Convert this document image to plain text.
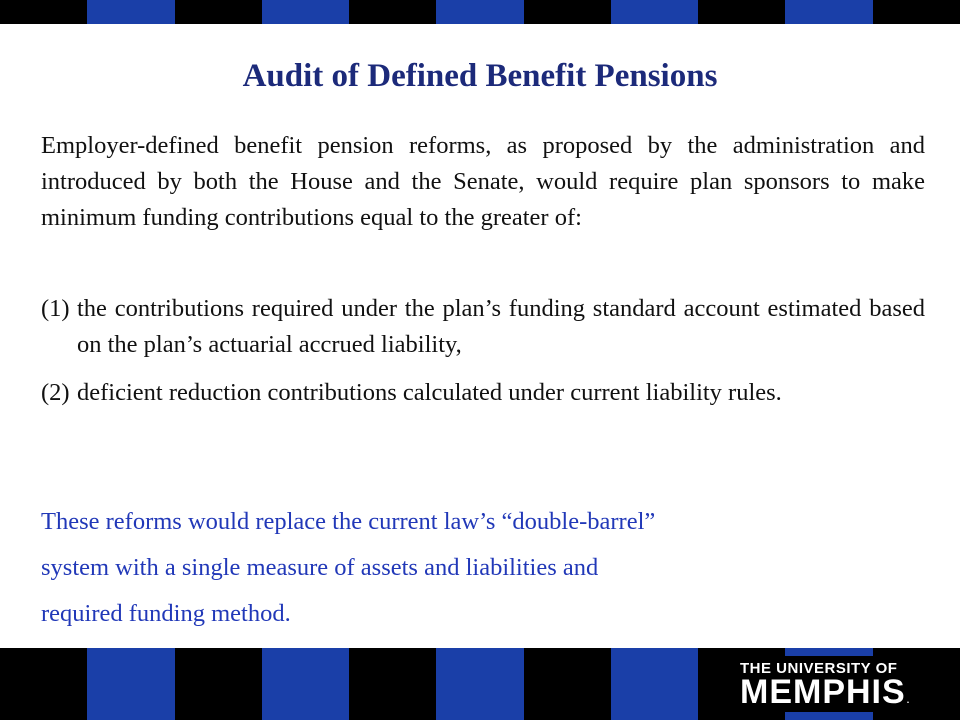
Audit of Defined Benefit Pensions

Employer-defined benefit pension reforms, as proposed by the administration and introduced by both the House and the Senate, would require plan sponsors to make minimum funding contributions equal to the greater of:

(1) the contributions required under the plan’s funding standard account estimated based on the plan’s actuarial accrued liability,
(2) deficient reduction contributions calculated under current liability rules.
These reforms would replace the current law’s “double-barrel”
system with a single measure of assets and liabilities and
required funding method.
THE UNIVERSITY OF
MEMPHIS.
